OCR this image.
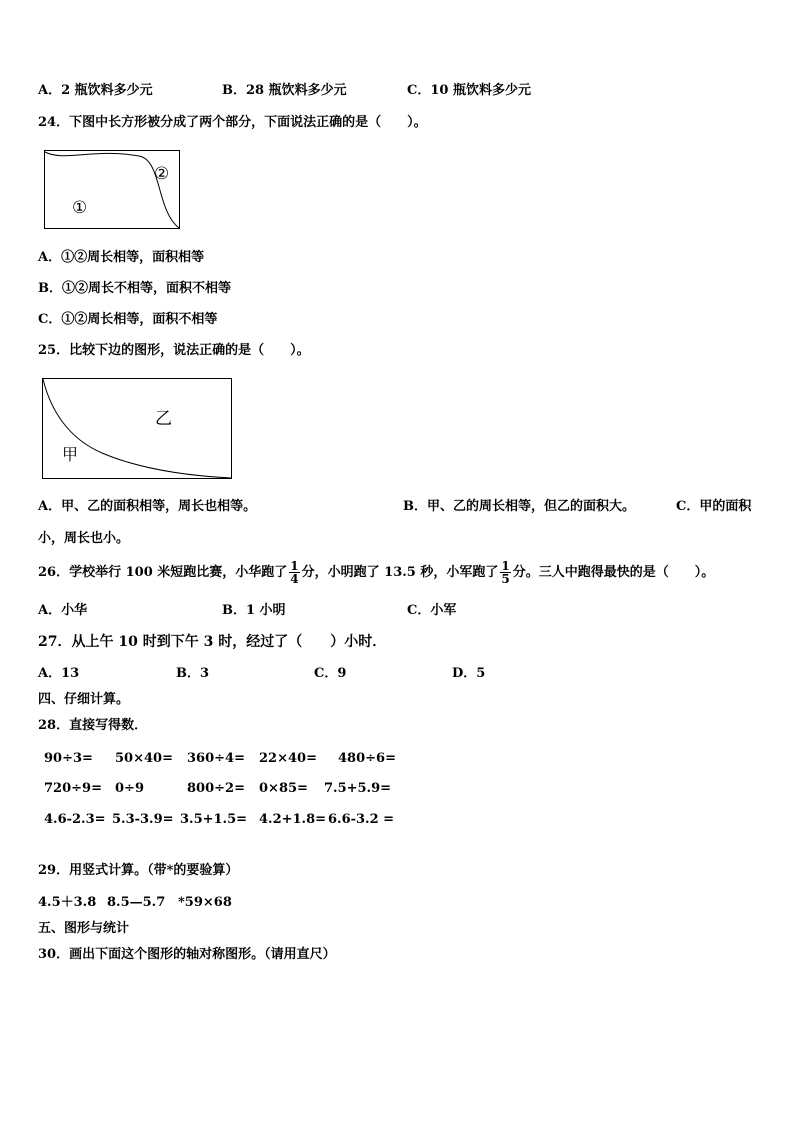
A．2 瓶饮料多少元	B．28 瓶饮料多少元	C．10 瓶饮料多少元
24．下图中长方形被分成了两个部分，下面说法正确的是（　　）。
②
①
A．①②周长相等，面积相等
B．①②周长不相等，面积不相等
C．①②周长相等，面积不相等
25．比较下边的图形，说法正确的是（　　）。
乙
甲
A．甲、乙的面积相等，周长也相等。	B．甲、乙的周长相等，但乙的面积大。	C．甲的面积
小，周长也小。
26．学校举行 100 米短跑比赛，小华跑了 $\frac{1}{4}$ 分，小明跑了 13.5 秒，小军跑了 $\frac{1}{5}$ 分。三人中跑得最快的是（　　）。
A．小华	B．1 小明	C．小军
27．从上午 10 时到下午 3 时，经过了（　　）小时．
A．13	B．3	C．9	D．5
四、仔细计算。
28．直接写得数．
90÷3= 50×40= 360÷4= 22×40= 480÷6=
720÷9= 0÷9	800÷2= 0×85= 7.5+5.9=
4.6-2.3= 5.3-3.9= 3.5+1.5= 4.2+1.8= 6.6-3.2 =
29．用竖式计算。（带*的要验算）
4.5＋3.8 8.5—5.7 *59×68
五、图形与统计
30．画出下面这个图形的轴对称图形。（请用直尺）
